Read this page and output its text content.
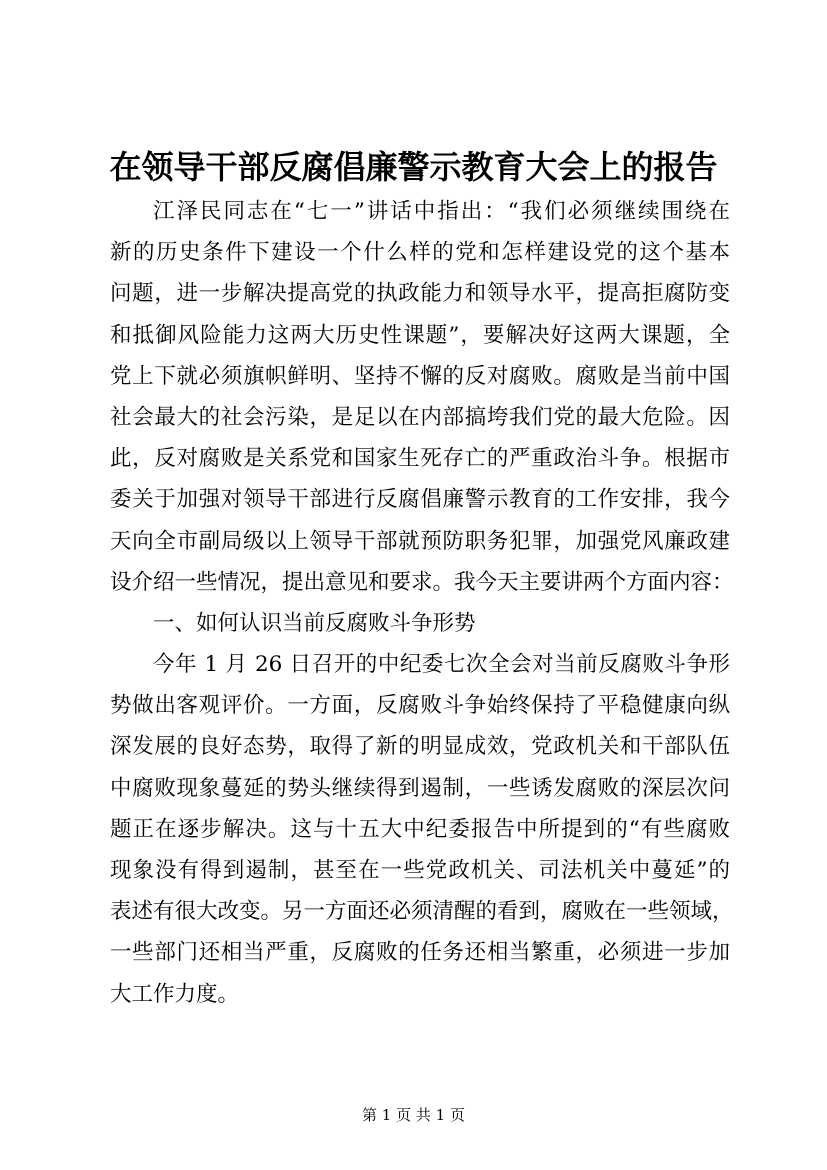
在领导干部反腐倡廉警示教育大会上的报告
江泽民同志在“七一”讲话中指出：“我们必须继续围绕在
新的历史条件下建设一个什么样的党和怎样建设党的这个基本
问题，进一步解决提高党的执政能力和领导水平，提高拒腐防变
和抵御风险能力这两大历史性课题”，要解决好这两大课题，全
党上下就必须旗帜鲜明、坚持不懈的反对腐败。腐败是当前中国
社会最大的社会污染，是足以在内部搞垮我们党的最大危险。因
此，反对腐败是关系党和国家生死存亡的严重政治斗争。根据市
委关于加强对领导干部进行反腐倡廉警示教育的工作安排，我今
天向全市副局级以上领导干部就预防职务犯罪，加强党风廉政建
设介绍一些情况，提出意见和要求。我今天主要讲两个方面内容：
一、如何认识当前反腐败斗争形势
今年 1 月 26 日召开的中纪委七次全会对当前反腐败斗争形
势做出客观评价。一方面，反腐败斗争始终保持了平稳健康向纵
深发展的良好态势，取得了新的明显成效，党政机关和干部队伍
中腐败现象蔓延的势头继续得到遏制，一些诱发腐败的深层次问
题正在逐步解决。这与十五大中纪委报告中所提到的“有些腐败
现象没有得到遏制，甚至在一些党政机关、司法机关中蔓延”的
表述有很大改变。另一方面还必须清醒的看到，腐败在一些领域，
一些部门还相当严重，反腐败的任务还相当繁重，必须进一步加
大工作力度。
第 1 页 共 1 页
